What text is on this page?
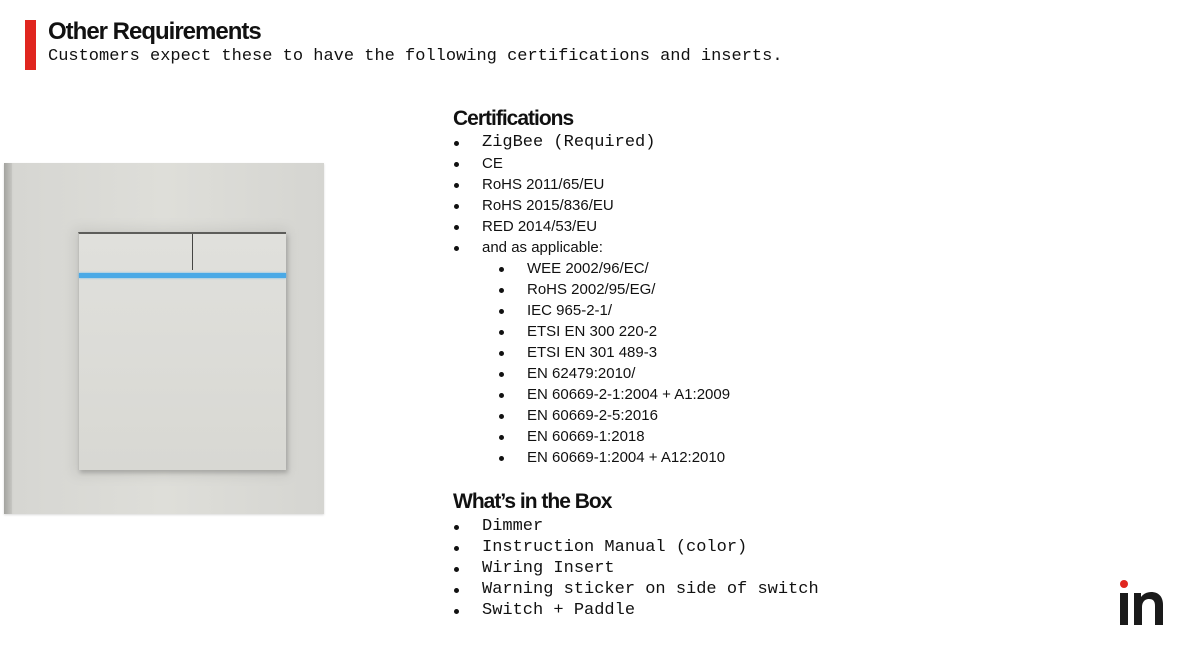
Other Requirements

Customers expect these to have the following certifications and inserts.

Certifications
ZigBee (Required)
CE
RoHS 2011/65/EU
RoHS 2015/836/EU
RED 2014/53/EU
and as applicable:
WEE 2002/96/EC/
RoHS 2002/95/EG/
IEC 965-2-1/
ETSI EN 300 220-2
ETSI EN 301 489-3
EN 62479:2010/
EN 60669-2-1:2004 + A1:2009
EN 60669-2-5:2016
EN 60669-1:2018
EN 60669-1:2004 + A12:2010
What’s in the Box
Dimmer
Instruction Manual (color)
Wiring Insert
Warning sticker on side of switch
Switch + Paddle
